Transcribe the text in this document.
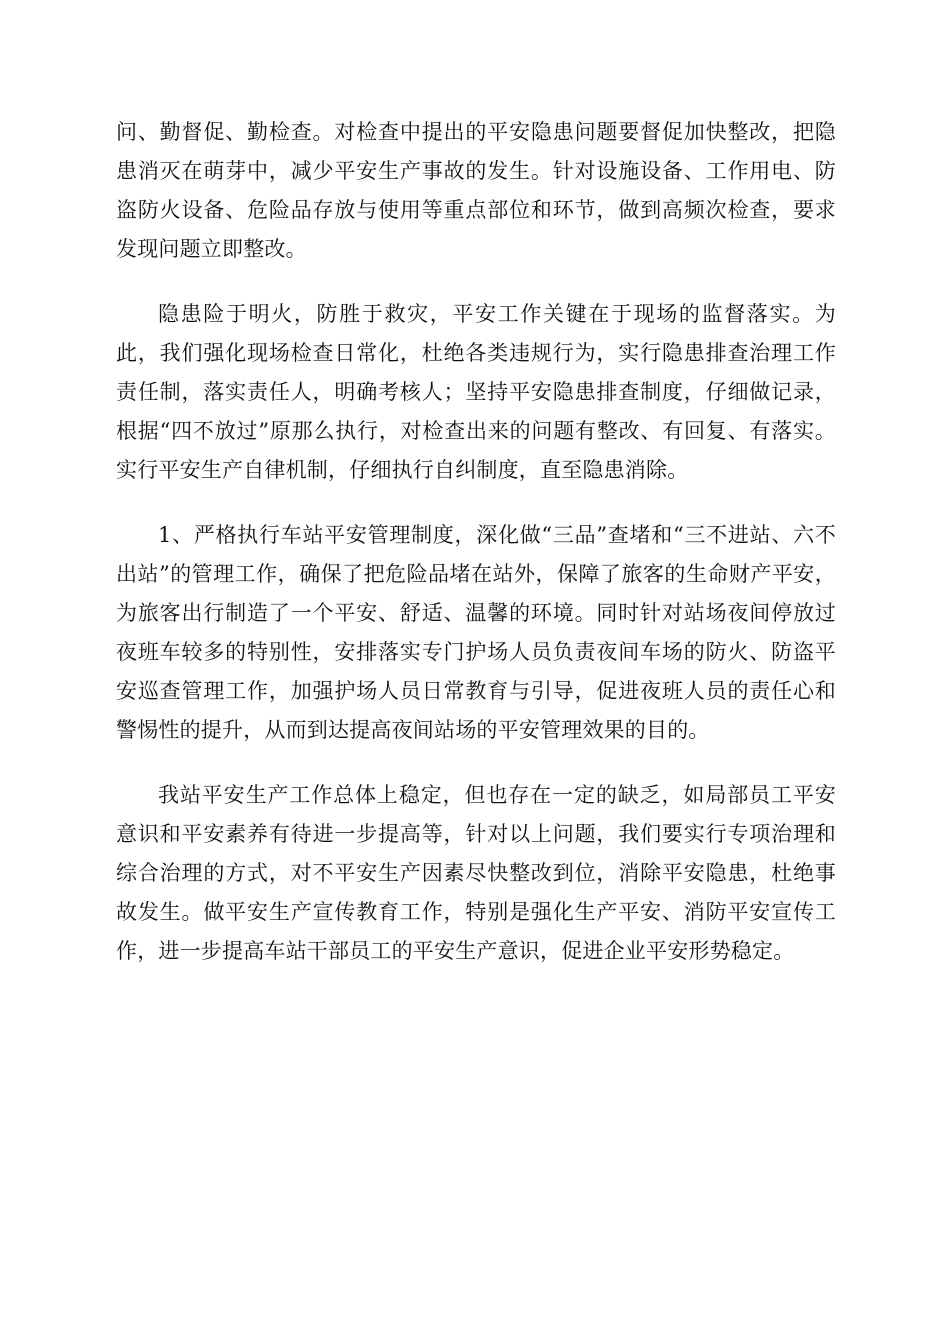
问、勤督促、勤检查。对检查中提出的平安隐患问题要督促加快整改，把隐患消灭在萌芽中，减少平安生产事故的发生。针对设施设备、工作用电、防盗防火设备、危险品存放与使用等重点部位和环节，做到高频次检查，要求发现问题立即整改。

隐患险于明火，防胜于救灾，平安工作关键在于现场的监督落实。为此，我们强化现场检查日常化，杜绝各类违规行为，实行隐患排查治理工作责任制，落实责任人，明确考核人；坚持平安隐患排查制度，仔细做记录，根据“四不放过”原那么执行，对检查出来的问题有整改、有回复、有落实。实行平安生产自律机制，仔细执行自纠制度，直至隐患消除。

1、严格执行车站平安管理制度，深化做“三品”查堵和“三不进站、六不出站”的管理工作，确保了把危险品堵在站外，保障了旅客的生命财产平安，为旅客出行制造了一个平安、舒适、温馨的环境。同时针对站场夜间停放过夜班车较多的特别性，安排落实专门护场人员负责夜间车场的防火、防盗平安巡查管理工作，加强护场人员日常教育与引导，促进夜班人员的责任心和警惕性的提升，从而到达提高夜间站场的平安管理效果的目的。

我站平安生产工作总体上稳定，但也存在一定的缺乏，如局部员工平安意识和平安素养有待进一步提高等，针对以上问题，我们要实行专项治理和综合治理的方式，对不平安生产因素尽快整改到位，消除平安隐患，杜绝事故发生。做平安生产宣传教育工作，特别是强化生产平安、消防平安宣传工作，进一步提高车站干部员工的平安生产意识，促进企业平安形势稳定。
